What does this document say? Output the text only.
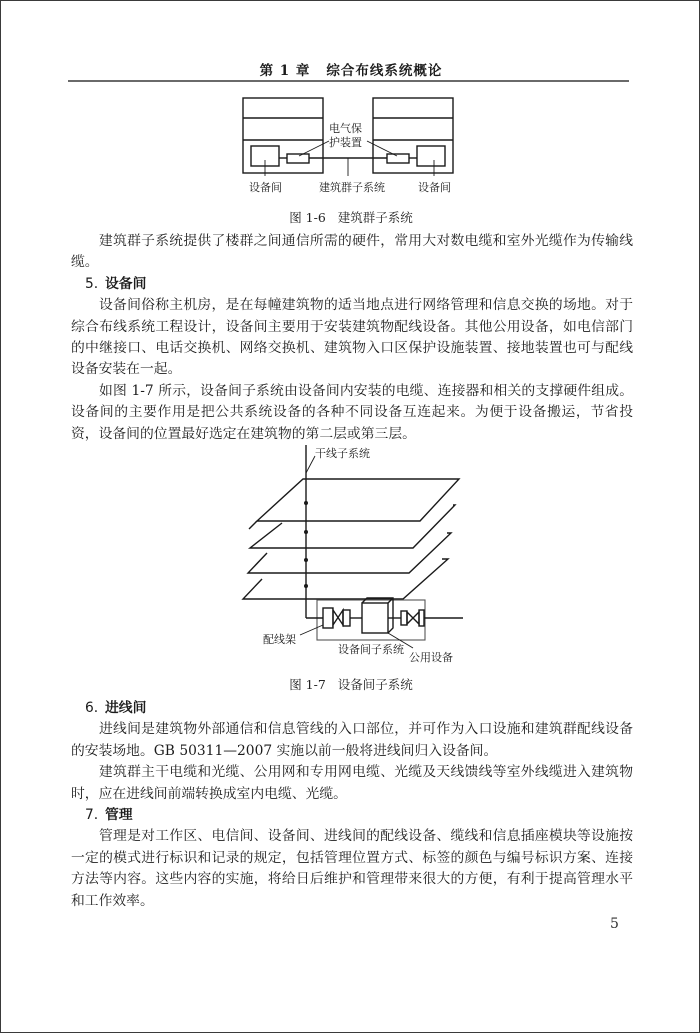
第 1 章 综合布线系统概论
电气保
护装置
设备间	建筑群子系统	设备间
图 1-6 建筑群子系统

建筑群子系统提供了楼群之间通信所需的硬件，常用大对数电缆和室外光缆作为传输线缆。

5. 设备间

设备间俗称主机房，是在每幢建筑物的适当地点进行网络管理和信息交换的场地。对于综合布线系统工程设计，设备间主要用于安装建筑物配线设备。其他公用设备，如电信部门的中继接口、电话交换机、网络交换机、建筑物入口区保护设施装置、接地装置也可与配线设备安装在一起。

如图 1-7 所示，设备间子系统由设备间内安装的电缆、连接器和相关的支撑硬件组成。设备间的主要作用是把公共系统设备的各种不同设备互连起来。为便于设备搬运，节省投资，设备间的位置最好选定在建筑物的第二层或第三层。

干线子系统
配线架
设备间子系统
公用设备
图 1-7 设备间子系统
6. 进线间

进线间是建筑物外部通信和信息管线的入口部位，并可作为入口设施和建筑群配线设备的安装场地。GB 50311—2007 实施以前一般将进线间归入设备间。

建筑群主干电缆和光缆、公用网和专用网电缆、光缆及天线馈线等室外线缆进入建筑物时，应在进线间前端转换成室内电缆、光缆。

7. 管理

管理是对工作区、电信间、设备间、进线间的配线设备、缆线和信息插座模块等设施按一定的模式进行标识和记录的规定，包括管理位置方式、标签的颜色与编号标识方案、连接方法等内容。这些内容的实施，将给日后维护和管理带来很大的方便，有利于提高管理水平和工作效率。

5
